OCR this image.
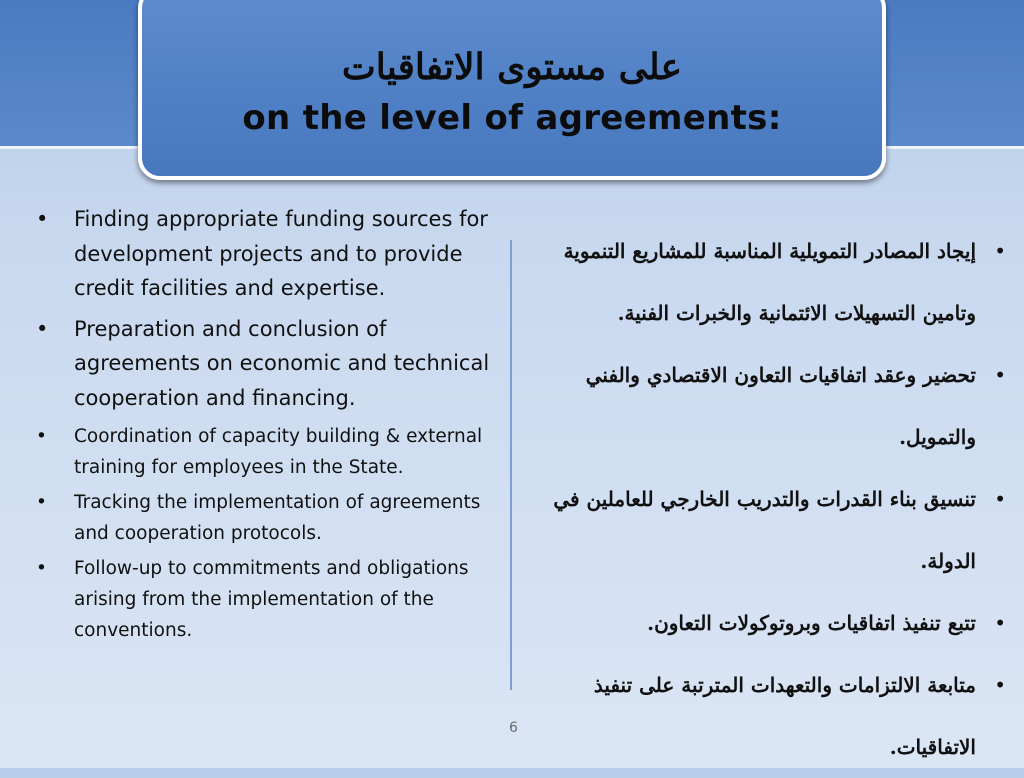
على مستوى الاتفاقيات
on the level of agreements:
• Finding appropriate funding sources for development projects and to provide credit facilities and expertise.
• Preparation and conclusion of agreements on economic and technical cooperation and financing.
• Coordination of capacity building & external training for employees in the State.
• Tracking the implementation of agreements and cooperation protocols.
• Follow-up to commitments and obligations arising from the implementation of the conventions.
•
إيجاد المصادر التمويلية المناسبة للمشاريع التنموية وتامين التسهيلات الائتمانية والخبرات الفنية.
•
تحضير وعقد اتفاقيات التعاون الاقتصادي والفني والتمويل.
•
تنسيق بناء القدرات والتدريب الخارجي للعاملين في الدولة.
•
تتبع تنفيذ اتفاقيات وبروتوكولات التعاون.
•
متابعة الالتزامات والتعهدات المترتبة على تنفيذ الاتفاقيات.
6
